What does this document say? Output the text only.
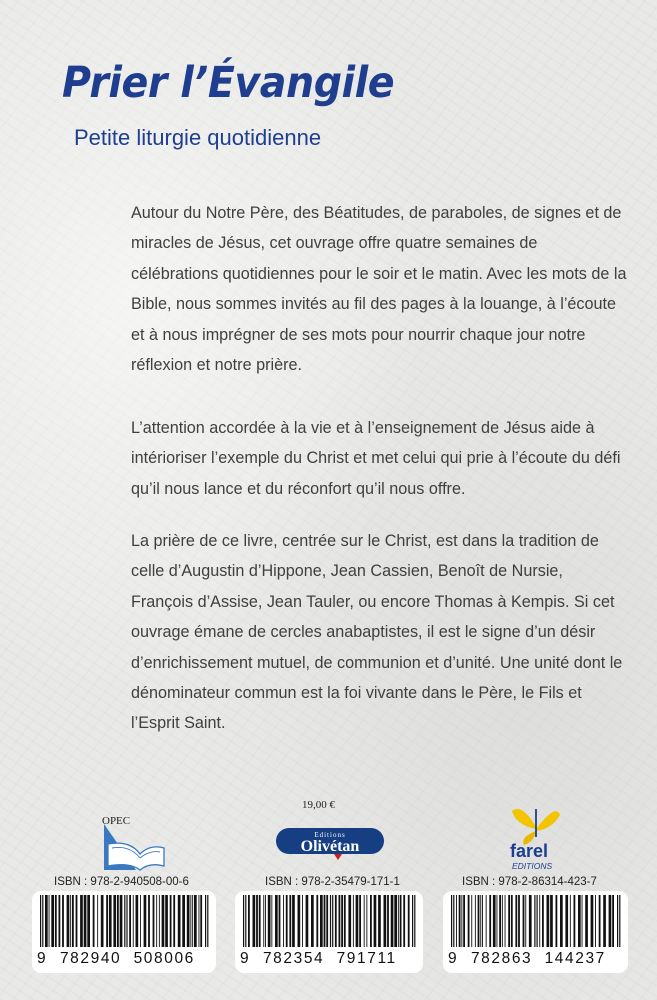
Prier l’Évangile
Petite liturgie quotidienne

Autour du Notre Père, des Béatitudes, de paraboles, de signes et de miracles de Jésus, cet ouvrage offre quatre semaines de célébrations quotidiennes pour le soir et le matin. Avec les mots de la Bible, nous sommes invités au fil des pages à la louange, à l’écoute et à nous imprégner de ses mots pour nourrir chaque jour notre réflexion et notre prière.

L’attention accordée à la vie et à l’enseignement de Jésus aide à intérioriser l’exemple du Christ et met celui qui prie à l’écoute du défi qu’il nous lance et du réconfort qu’il nous offre.

La prière de ce livre, centrée sur le Christ, est dans la tradition de celle d’Augustin d’Hippone, Jean Cassien, Benoît de Nursie, François d’Assise, Jean Tauler, ou encore Thomas à Kempis. Si cet ouvrage émane de cercles anabaptistes, il est le signe d’un désir d’enrichissement mutuel, de communion et d’unité. Une unité dont le dénominateur commun est la foi vivante dans le Père, le Fils et l’Esprit Saint.

OPEC
19,00 €
Editions
Olivétan	farel
EDITIONS
ISBN : 978-2-940508-00-6	ISBN : 978-2-35479-171-1	ISBN : 978-2-86314-423-7
9 782940 508006	9 782354 791711	9 782863 144237
